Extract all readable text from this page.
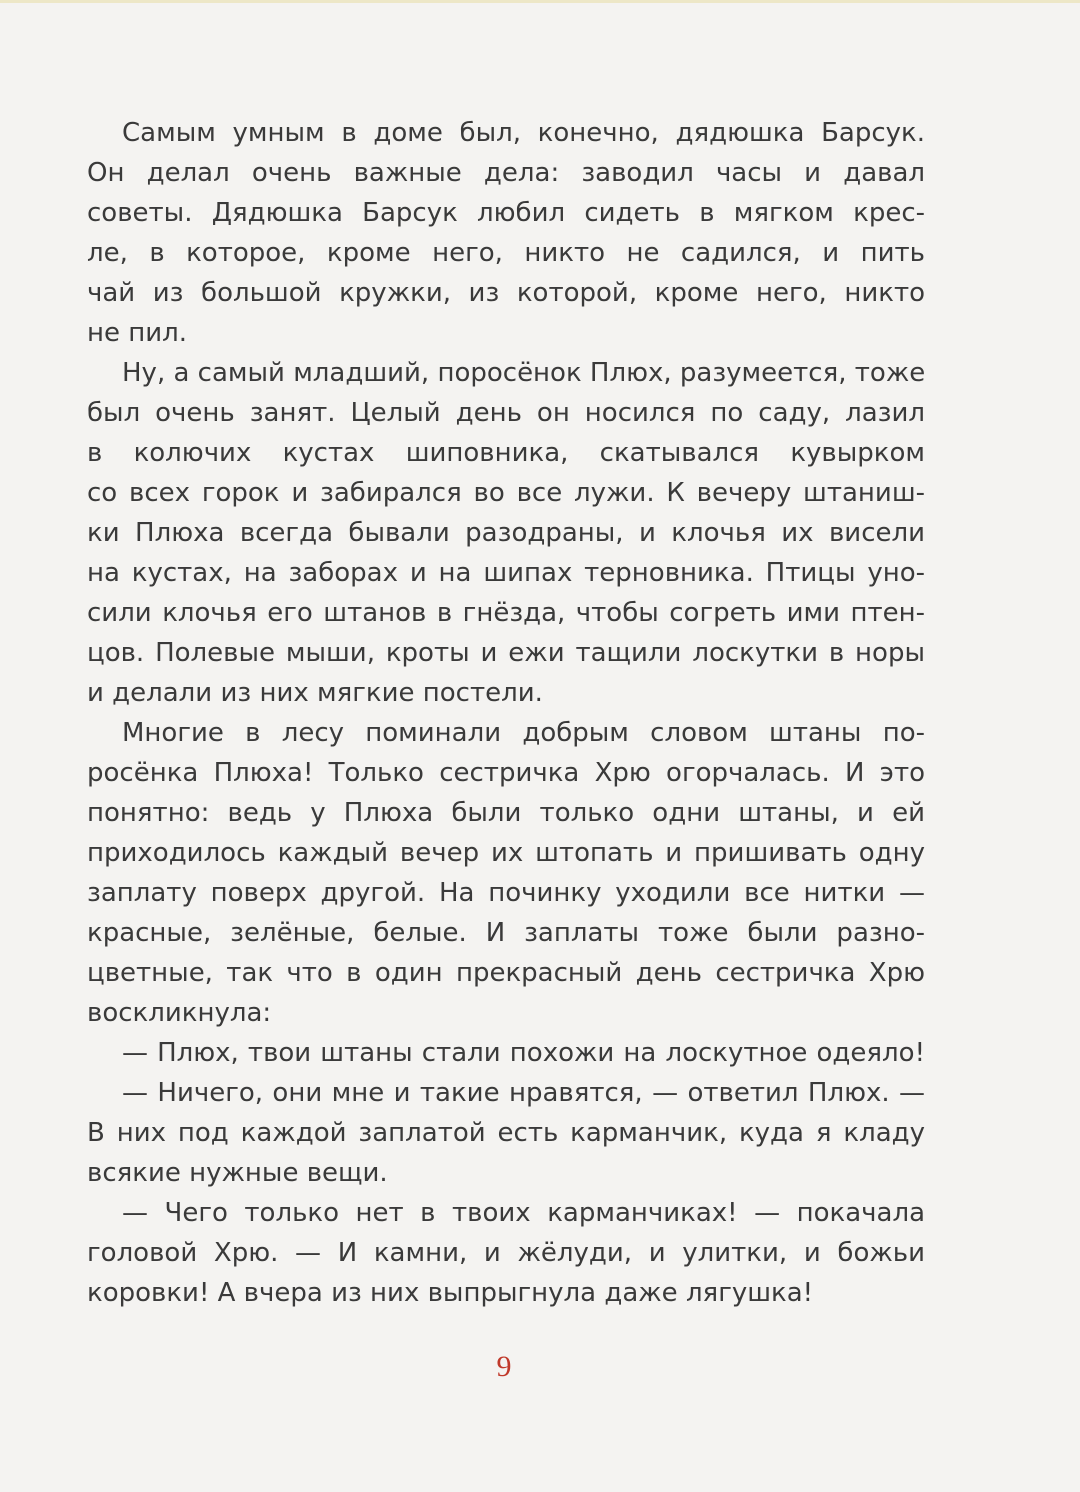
Самым умным в доме был, конечно, дядюшка Барсук.
Он делал очень важные дела: заводил часы и давал
советы. Дядюшка Барсук любил сидеть в мягком крес-
ле, в которое, кроме него, никто не садился, и пить
чай из большой кружки, из которой, кроме него, никто
не пил.
Ну, а самый младший, поросёнок Плюх, разумеется, тоже
был очень занят. Целый день он носился по саду, лазил
в колючих кустах шиповника, скатывался кувырком
со всех горок и забирался во все лужи. К вечеру штаниш-
ки Плюха всегда бывали разодраны, и клочья их висели
на кустах, на заборах и на шипах терновника. Птицы уно-
сили клочья его штанов в гнёзда, чтобы согреть ими птен-
цов. Полевые мыши, кроты и ежи тащили лоскутки в норы
и делали из них мягкие постели.
Многие в лесу поминали добрым словом штаны по-
росёнка Плюха! Только сестричка Хрю огорчалась. И это
понятно: ведь у Плюха были только одни штаны, и ей
приходилось каждый вечер их штопать и пришивать одну
заплату поверх другой. На починку уходили все нитки —
красные, зелёные, белые. И заплаты тоже были разно-
цветные, так что в один прекрасный день сестричка Хрю
воскликнула:
— Плюх, твои штаны стали похожи на лоскутное одеяло!
— Ничего, они мне и такие нравятся, — ответил Плюх. —
В них под каждой заплатой есть карманчик, куда я кладу
всякие нужные вещи.
— Чего только нет в твоих карманчиках! — покачала
головой Хрю. — И камни, и жёлуди, и улитки, и божьи
коровки! А вчера из них выпрыгнула даже лягушка!
9
